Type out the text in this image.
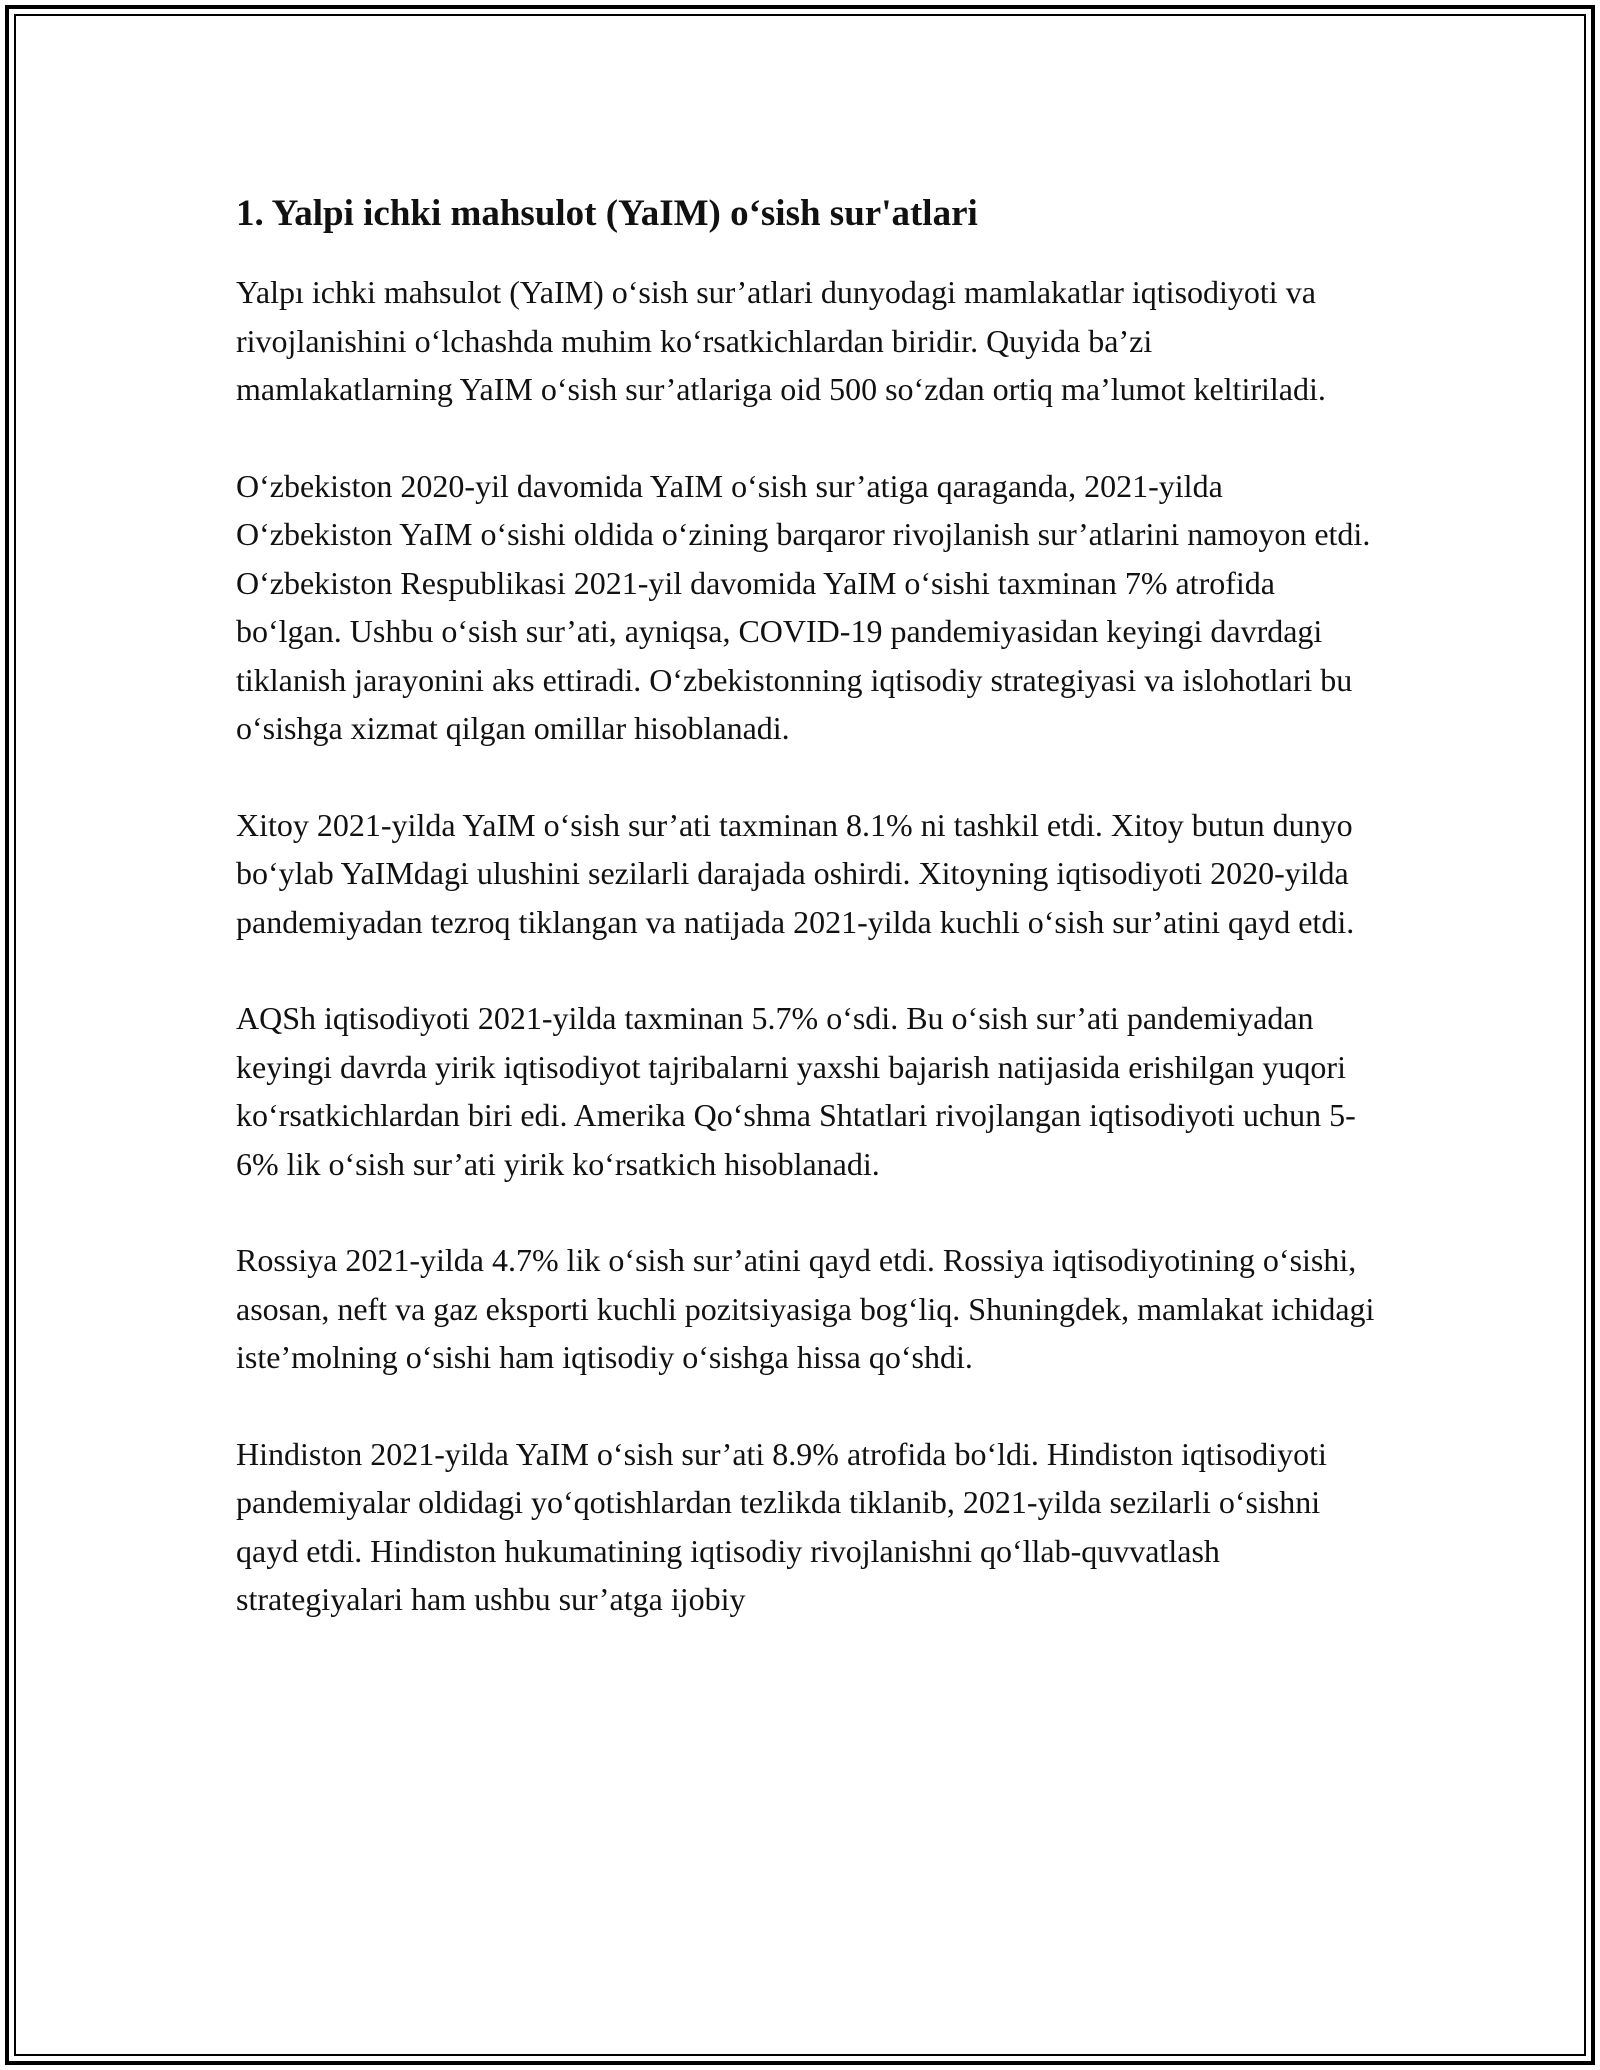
1. Yalpi ichki mahsulot (YaIM) o‘sish sur'atlari

Yalpı ichki mahsulot (YaIM) o‘sish sur’atlari dunyodagi mamlakatlar iqtisodiyoti va rivojlanishini o‘lchashda muhim ko‘rsatkichlardan biridir. Quyida ba’zi mamlakatlarning YaIM o‘sish sur’atlariga oid 500 so‘zdan ortiq ma’lumot keltiriladi.

O‘zbekiston 2020-yil davomida YaIM o‘sish sur’atiga qaraganda, 2021-yilda O‘zbekiston YaIM o‘sishi oldida o‘zining barqaror rivojlanish sur’atlarini namoyon etdi. O‘zbekiston Respublikasi 2021-yil davomida YaIM o‘sishi taxminan 7% atrofida bo‘lgan. Ushbu o‘sish sur’ati, ayniqsa, COVID-19 pandemiyasidan keyingi davrdagi tiklanish jarayonini aks ettiradi. O‘zbekistonning iqtisodiy strategiyasi va islohotlari bu o‘sishga xizmat qilgan omillar hisoblanadi.

Xitoy 2021-yilda YaIM o‘sish sur’ati taxminan 8.1% ni tashkil etdi. Xitoy butun dunyo bo‘ylab YaIMdagi ulushini sezilarli darajada oshirdi. Xitoyning iqtisodiyoti 2020-yilda pandemiyadan tezroq tiklangan va natijada 2021-yilda kuchli o‘sish sur’atini qayd etdi.

AQSh iqtisodiyoti 2021-yilda taxminan 5.7% o‘sdi. Bu o‘sish sur’ati pandemiyadan keyingi davrda yirik iqtisodiyot tajribalarni yaxshi bajarish natijasida erishilgan yuqori ko‘rsatkichlardan biri edi. Amerika Qo‘shma Shtatlari rivojlangan iqtisodiyoti uchun 5-6% lik o‘sish sur’ati yirik ko‘rsatkich hisoblanadi.

Rossiya 2021-yilda 4.7% lik o‘sish sur’atini qayd etdi. Rossiya iqtisodiyotining o‘sishi, asosan, neft va gaz eksporti kuchli pozitsiyasiga bog‘liq. Shuningdek, mamlakat ichidagi iste’molning o‘sishi ham iqtisodiy o‘sishga hissa qo‘shdi.

Hindiston 2021-yilda YaIM o‘sish sur’ati 8.9% atrofida bo‘ldi. Hindiston iqtisodiyoti pandemiyalar oldidagi yo‘qotishlardan tezlikda tiklanib, 2021-yilda sezilarli o‘sishni qayd etdi. Hindiston hukumatining iqtisodiy rivojlanishni qo‘llab-quvvatlash strategiyalari ham ushbu sur’atga ijobiy
